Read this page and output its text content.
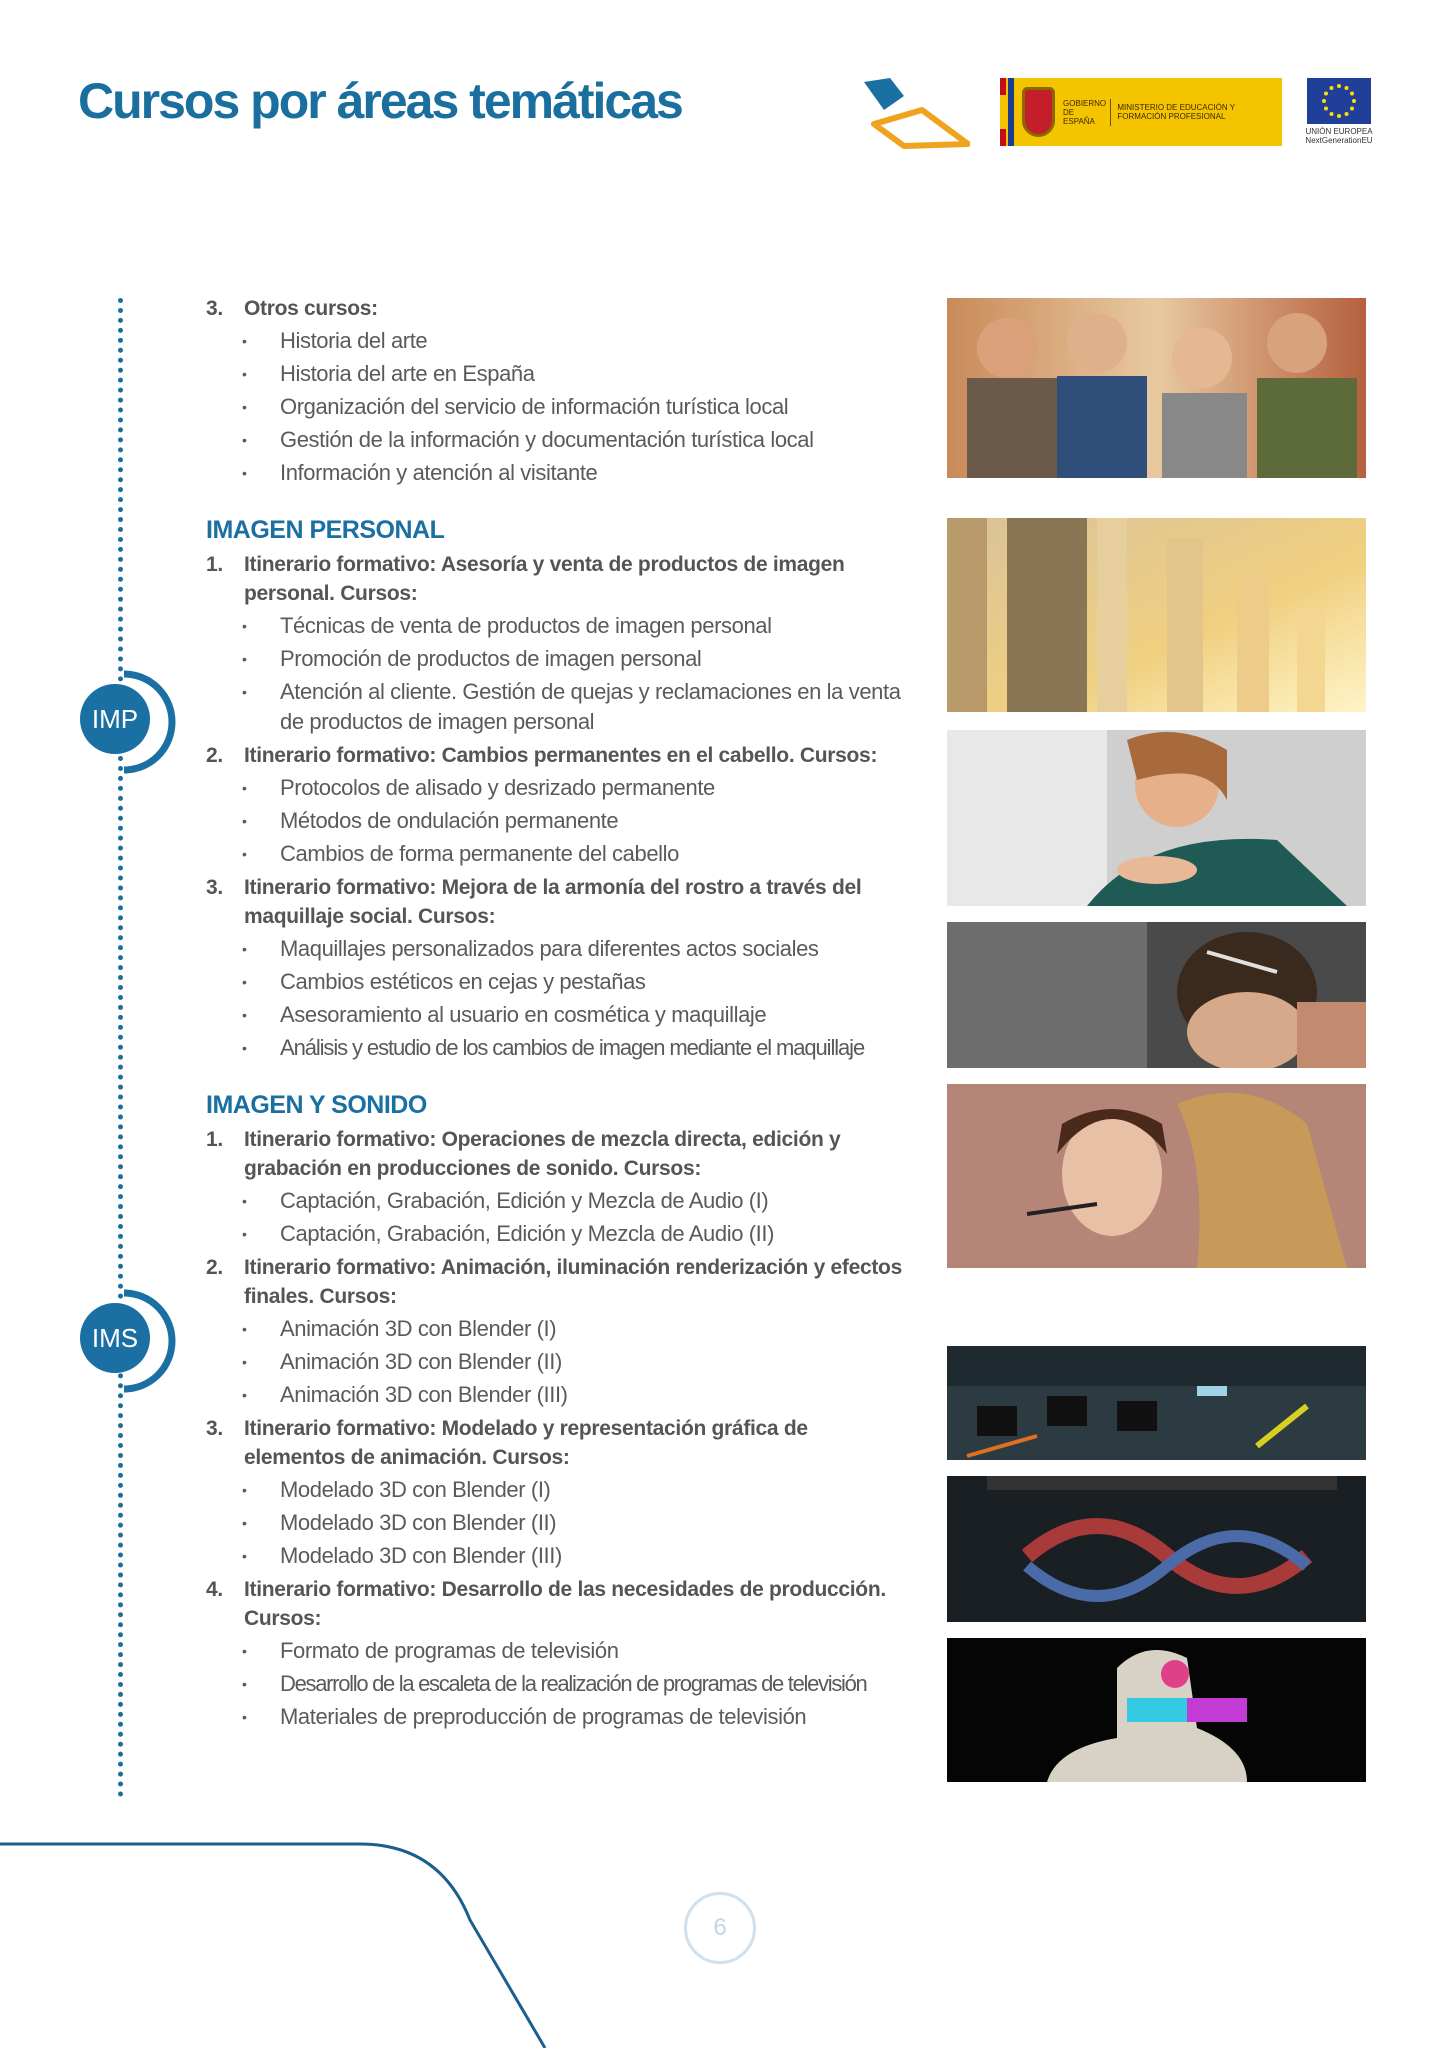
Cursos por áreas temáticas	GOBIERNO DE ESPAÑA
MINISTERIO DE EDUCACIÓN Y FORMACIÓN PROFESIONAL
UNIÓN EUROPEA NextGenerationEU
IMP
IMS
3.	Otros cursos:
•	Historia del arte
•	Historia del arte en España
•	Organización del servicio de información turística local
•	Gestión de la información y documentación turística local
•	Información y atención al visitante
IMAGEN PERSONAL
1.	Itinerario formativo: Asesoría y venta de productos de imagen personal. Cursos:
•	Técnicas de venta de productos de imagen personal
•	Promoción de productos de imagen personal
•	Atención al cliente. Gestión de quejas y reclamaciones en la venta de productos de imagen personal
2.	Itinerario formativo: Cambios permanentes en el cabello. Cursos:
•	Protocolos de alisado y desrizado permanente
•	Métodos de ondulación permanente
•	Cambios de forma permanente del cabello
3.	Itinerario formativo: Mejora de la armonía del rostro a través del maquillaje social. Cursos:
•	Maquillajes personalizados para diferentes actos sociales
•	Cambios estéticos en cejas y pestañas
•	Asesoramiento al usuario en cosmética y maquillaje
•	Análisis y estudio de los cambios de imagen mediante el maquillaje
IMAGEN Y SONIDO
1.	Itinerario formativo: Operaciones de mezcla directa, edición y grabación en producciones de sonido. Cursos:
•	Captación, Grabación, Edición y Mezcla de Audio (I)
•	Captación, Grabación, Edición y Mezcla de Audio (II)
2.	Itinerario formativo: Animación, iluminación renderización y efectos finales. Cursos:
•	Animación 3D con Blender (I)
•	Animación 3D con Blender (II)
•	Animación 3D con Blender (III)
3.	Itinerario formativo: Modelado y representación gráfica de elementos de animación. Cursos:
•	Modelado 3D con Blender (I)
•	Modelado 3D con Blender (II)
•	Modelado 3D con Blender (III)
4.	Itinerario formativo: Desarrollo de las necesidades de producción. Cursos:
•	Formato de programas de televisión
•	Desarrollo de la escaleta de la realización de programas de televisión
•	Materiales de preproducción de programas de televisión
6
